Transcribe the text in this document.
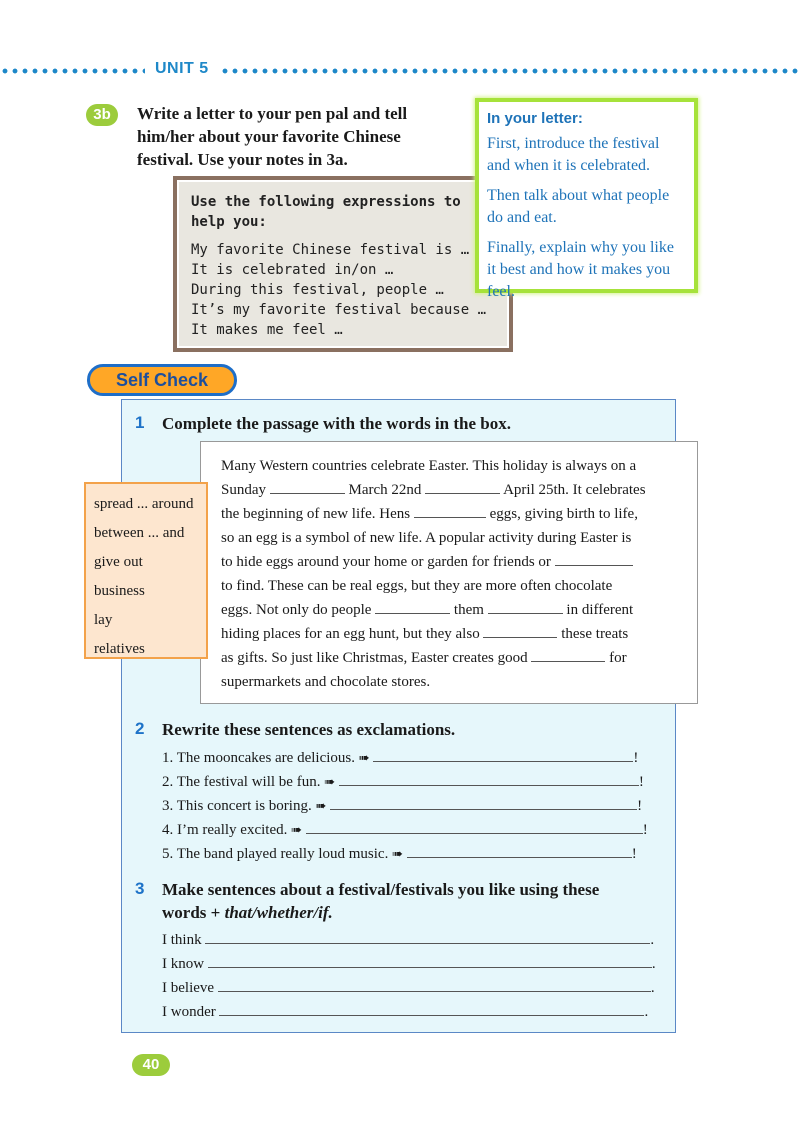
UNIT 5
3b	Write a letter to your pen pal and tell him/her about your favorite Chinese festival. Use your notes in 3a.
Use the following expressions to
help you:
My favorite Chinese festival is …
It is celebrated in/on …
During this festival, people …
It’s my favorite festival because …
It makes me feel …
In your letter:

First, introduce the festival and when it is celebrated.

Then talk about what people do and eat.

Finally, explain why you like it best and how it makes you feel.

Self Check
1 Complete the passage with the words in the box.
Many Western countries celebrate Easter. This holiday is always on a
Sunday	March 22nd	April 25th. It celebrates
the beginning of new life. Hens	eggs, giving birth to life,
so an egg is a symbol of new life. A popular activity during Easter is
to hide eggs around your home or garden for friends or
to find. These can be real eggs, but they are more often chocolate
eggs. Not only do people	them	in different
hiding places for an egg hunt, but they also	these treats
as gifts. So just like Christmas, Easter creates good	for
supermarkets and chocolate stores.
spread ... around
between ... and
give out
business
lay
relatives
2 Rewrite these sentences as exclamations.
1. The mooncakes are delicious. ➠	!
2. The festival will be fun. ➠	!
3. This concert is boring. ➠	!
4. I’m really excited. ➠	!
5. The band played really loud music. ➠	!
3 Make sentences about a festival/festivals you like using these
words + that/whether/if.
I think	.
I know	.
I believe	.
I wonder	.
40
